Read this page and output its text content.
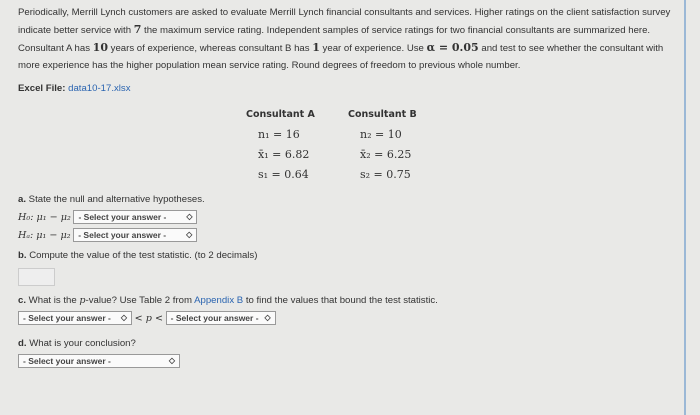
Periodically, Merrill Lynch customers are asked to evaluate Merrill Lynch financial consultants and services. Higher ratings on the client satisfaction survey indicate better service with 7 the maximum service rating. Independent samples of service ratings for two financial consultants are summarized here. Consultant A has 10 years of experience, whereas consultant B has 1 year of experience. Use α = 0.05 and test to see whether the consultant with more experience has the higher population mean service rating. Round degrees of freedom to previous whole number.
Excel File: data10-17.xlsx
Consultant A
n₁ = 16
x̄₁ = 6.82
s₁ = 0.64
Consultant B
n₂ = 10
x̄₂ = 6.25
s₂ = 0.75
a. State the null and alternative hypotheses.
H₀: μ₁ − μ₂ - Select your answer - ◇
Hₐ: μ₁ − μ₂ - Select your answer - ◇
b. Compute the value of the test statistic. (to 2 decimals)
c. What is the p-value? Use Table 2 from Appendix B to find the values that bound the test statistic.
- Select your answer - ◇ < p < - Select your answer - ◇
d. What is your conclusion?
- Select your answer -	◇
